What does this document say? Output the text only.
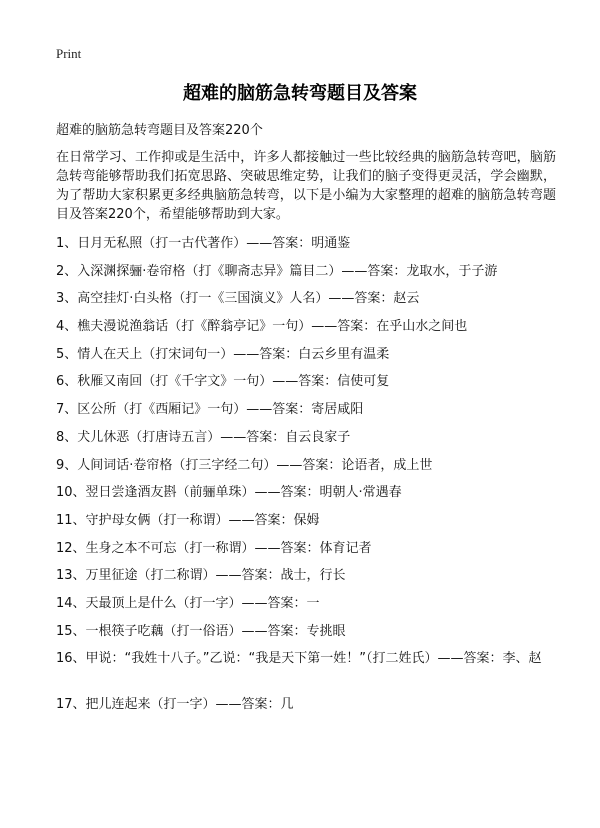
Print
超难的脑筋急转弯题目及答案
超难的脑筋急转弯题目及答案220个
在日常学习、工作抑或是生活中，许多人都接触过一些比较经典的脑筋急转弯吧，脑筋急转弯能够帮助我们拓宽思路、突破思维定势，让我们的脑子变得更灵活，学会幽默，为了帮助大家积累更多经典脑筋急转弯，以下是小编为大家整理的超难的脑筋急转弯题目及答案220个，希望能够帮助到大家。
1、日月无私照（打一古代著作）——答案：明通鉴
2、入深渊探骊·卷帘格（打《聊斋志异》篇目二）——答案：龙取水，于子游
3、高空挂灯·白头格（打一《三国演义》人名）——答案：赵云
4、樵夫漫说渔翁话（打《醉翁亭记》一句）——答案：在乎山水之间也
5、情人在天上（打宋词句一）——答案：白云乡里有温柔
6、秋雁又南回（打《千字文》一句）——答案：信使可复
7、区公所（打《西厢记》一句）——答案：寄居咸阳
8、犬儿休恶（打唐诗五言）——答案：自云良家子
9、人间词话·卷帘格（打三字经二句）——答案：论语者，成上世
10、翌日尝逢酒友斟（前骊单珠）——答案：明朝人·常遇春
11、守护母女俩（打一称谓）——答案：保姆
12、生身之本不可忘（打一称谓）——答案：体育记者
13、万里征途（打二称谓）——答案：战士，行长
14、天最顶上是什么（打一字）——答案：一
15、一根筷子吃藕（打一俗语）——答案：专挑眼
16、甲说：“我姓十八子。”乙说：“我是天下第一姓！”（打二姓氏）——答案：李、赵
17、把儿连起来（打一字）——答案：几
